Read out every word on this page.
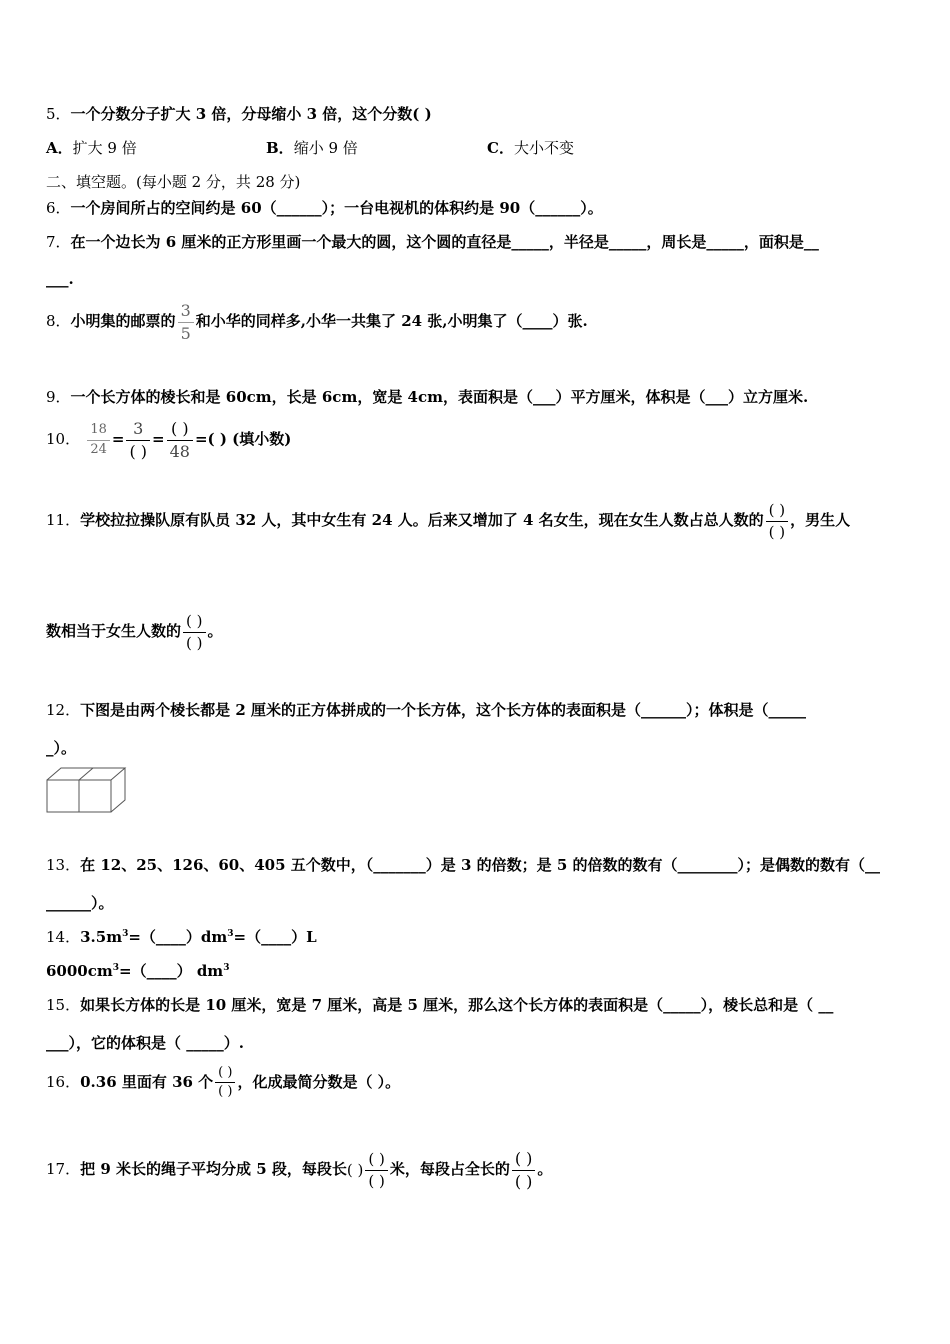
5．一个分数分子扩大 3 倍，分母缩小 3 倍，这个分数( )
A．扩大 9 倍	B．缩小 9 倍	C．大小不变
二、填空题。(每小题 2 分，共 28 分)
6．一个房间所占的空间约是 60（______）；一台电视机的体积约是 90（______）。
7．在一个边长为 6 厘米的正方形里画一个最大的圆，这个圆的直径是_____，半径是_____，周长是_____，面积是__
___.
8．小明集的邮票的 $\frac{3}{5}$ 和小华的同样多,小华一共集了 24 张,小明集了（____）张.
9．一个长方体的棱长和是 60cm，长是 6cm，宽是 4cm，表面积是（___）平方厘米，体积是（___）立方厘米.
10． $\frac{18}{24} = \frac{3}{( )} = \frac{( )}{48}$ =( ) (填小数)
11．学校拉拉操队原有队员 32 人，其中女生有 24 人。后来又增加了 4 名女生，现在女生人数占总人数的 $\frac{( )}{( )}$ ，男生人
数相当于女生人数的 $\frac{( )}{( )}$ 。
12．下图是由两个棱长都是 2 厘米的正方体拼成的一个长方体，这个长方体的表面积是（______）；体积是（_____
_）。
13．在 12、25、126、60、405 五个数中，（_______）是 3 的倍数；是 5 的倍数的数有（________）；是偶数的数有（__
______）。
14．$3.5m^3=(\_\_\_\_)dm^3=(\_\_\_\_)L$
$6000cm^3=(\_\_\_\_)$ $dm^3$
15．如果长方体的长是 10 厘米，宽是 7 厘米，高是 5 厘米，那么这个长方体的表面积是（_____），棱长总和是（ __
___），它的体积是（ _____）.
16．0.36 里面有 36 个 $\frac{( )}{( )}$ ，化成最简分数是（ ）。
17．把 9 米长的绳子平均分成 5 段，每段长( ) $\frac{( )}{( )}$ 米，每段占全长的 $\frac{( )}{( )}$ 。
